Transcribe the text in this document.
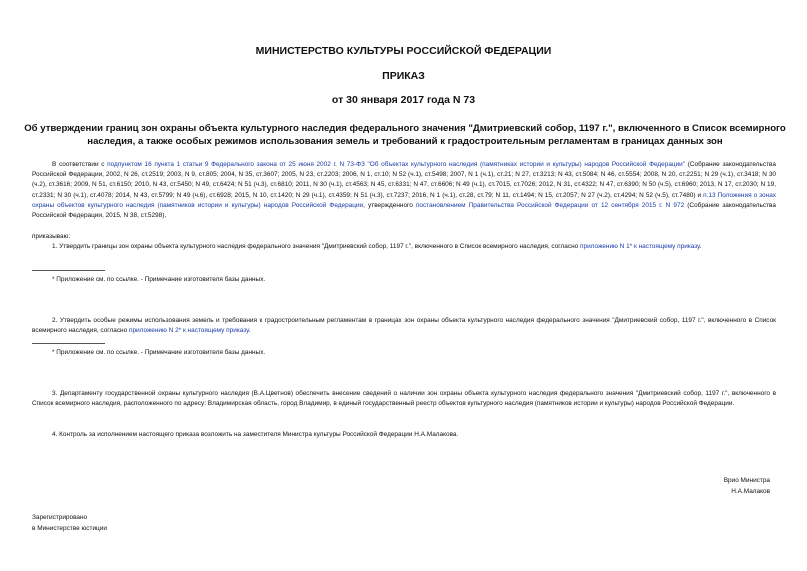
МИНИСТЕРСТВО КУЛЬТУРЫ РОССИЙСКОЙ ФЕДЕРАЦИИ
ПРИКАЗ
от 30 января 2017 года N 73
Об утверждении границ зон охраны объекта культурного наследия федерального значения "Дмитриевский собор, 1197 г.", включенного в Список всемирного наследия, а также особых режимов использования земель и требований к градостроительным регламентам в границах данных зон
В соответствии с подпунктом 16 пункта 1 статьи 9 Федерального закона от 25 июня 2002 г. N 73-ФЗ "Об объектах культурного наследия (памятниках истории и культуры) народов Российской Федерации" (Собрание законодательства Российской Федерации, 2002, N 26, ст.2519; 2003, N 9, ст.805; 2004, N 35, ст.3607; 2005, N 23, ст.2203; 2006, N 1, ст.10; N 52 (ч.1), ст.5498; 2007, N 1 (ч.1), ст.21; N 27, ст.3213; N 43, ст.5084; N 46, ст.5554; 2008, N 20, ст.2251; N 29 (ч.1), ст.3418; N 30 (ч.2), ст.3616; 2009, N 51, ст.6150; 2010, N 43, ст.5450; N 49, ст.6424; N 51 (ч.3), ст.6810; 2011, N 30 (ч.1), ст.4563; N 45, ст.6331; N 47, ст.6606; N 49 (ч.1), ст.7015, ст.7026; 2012, N 31, ст.4322; N 47, ст.6390; N 50 (ч.5), ст.6960; 2013, N 17, ст.2030; N 19, ст.2331; N 30 (ч.1), ст.4078; 2014, N 43, ст.5799; N 49 (ч.6), ст.6928; 2015, N 10, ст.1420; N 29 (ч.1), ст.4359; N 51 (ч.3), ст.7237; 2016, N 1 (ч.1), ст.28, ст.79; N 11, ст.1494; N 15, ст.2057; N 27 (ч.2), ст.4294; N 52 (ч.5), ст.7480) и п.13 Положения о зонах охраны объектов культурного наследия (памятников истории и культуры) народов Российской Федерации, утвержденного постановлением Правительства Российской Федерации от 12 сентября 2015 г. N 972 (Собрание законодательства Российской Федерации, 2015, N 38, ст.5298),
приказываю:
1. Утвердить границы зон охраны объекта культурного наследия федерального значения "Дмитриевский собор, 1197 г.", включенного в Список всемирного наследия, согласно приложению N 1* к настоящему приказу.
* Приложение см. по ссылке. - Примечание изготовителя базы данных.
2. Утвердить особые режимы использования земель и требования к градостроительным регламентам в границах зон охраны объекта культурного наследия федерального значения "Дмитриевский собор, 1197 г.", включенного в Список всемирного наследия, согласно приложению N 2* к настоящему приказу.
* Приложение см. по ссылке. - Примечание изготовителя базы данных.
3. Департаменту государственной охраны культурного наследия (В.А.Цветнов) обеспечить внесение сведений о наличии зон охраны объекта культурного наследия федерального значения "Дмитриевский собор, 1197 г.", включенного в Список всемирного наследия, расположенного по адресу: Владимирская область, город Владимир, в единый государственный реестр объектов культурного наследия (памятников истории и культуры) народов Российской Федерации.
4. Контроль за исполнением настоящего приказа возложить на заместителя Министра культуры Российской Федерации Н.А.Малакова.
Врио Министра
Н.А.Малаков
Зарегистрировано
в Министерстве юстиции
